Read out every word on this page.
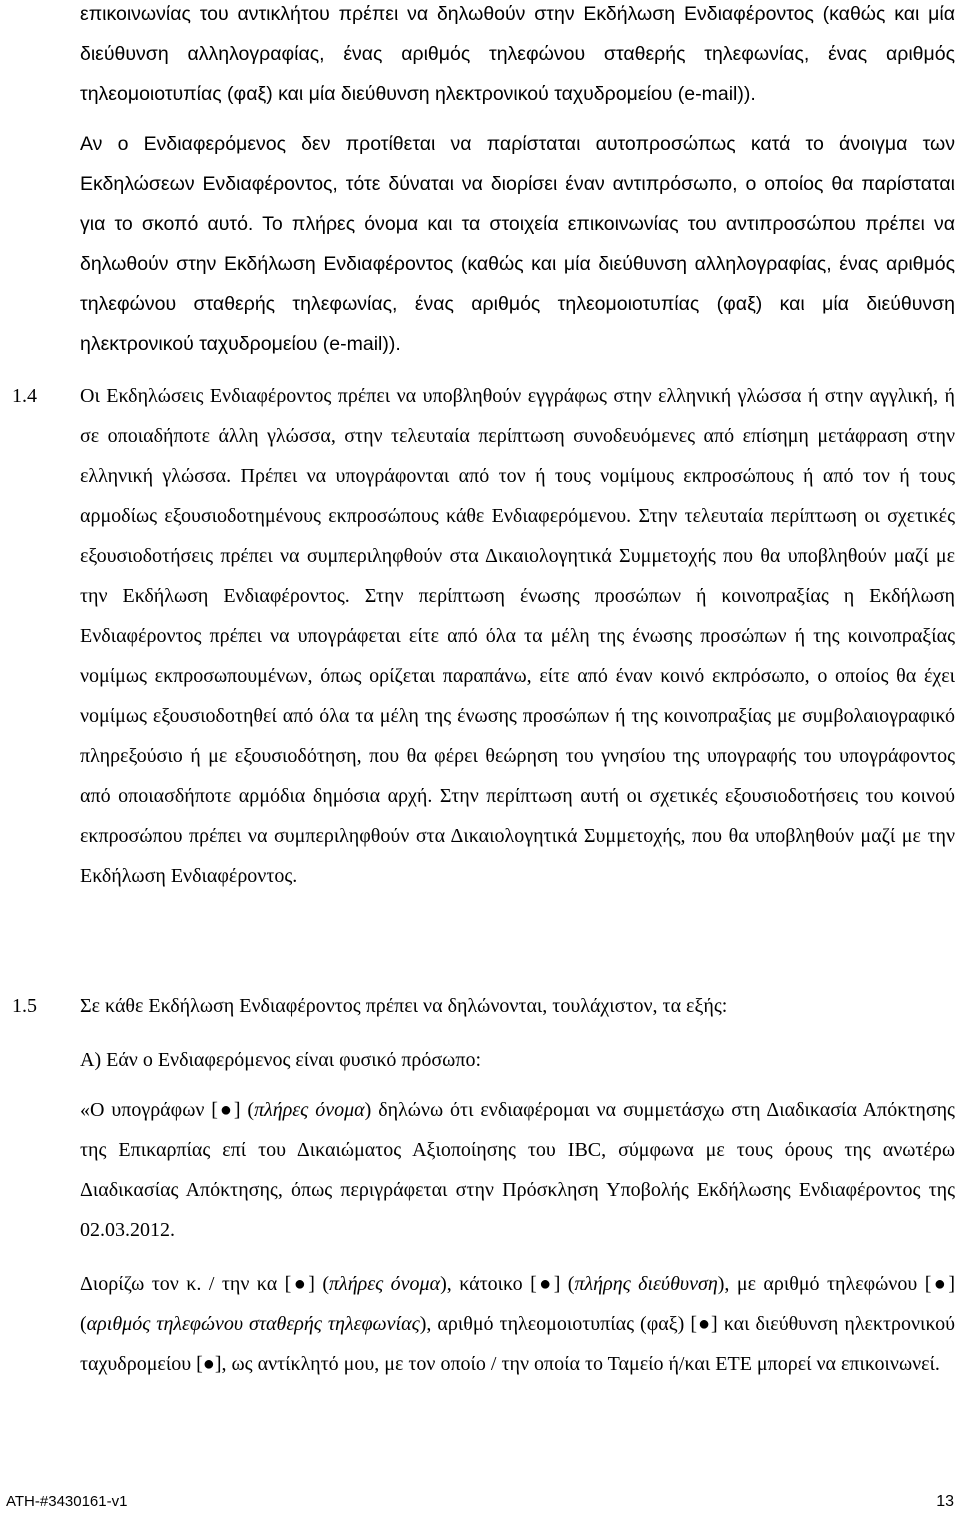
επικοινωνίας του αντικλήτου πρέπει να δηλωθούν στην Εκδήλωση Ενδιαφέροντος (καθώς και μία διεύθυνση αλληλογραφίας, ένας αριθμός τηλεφώνου σταθερής τηλεφωνίας, ένας αριθμός τηλεομοιοτυπίας (φαξ) και μία διεύθυνση ηλεκτρονικού ταχυδρομείου (e-mail)).

Αν ο Ενδιαφερόμενος δεν προτίθεται να παρίσταται αυτοπροσώπως κατά το άνοιγμα των Εκδηλώσεων Ενδιαφέροντος, τότε δύναται να διορίσει έναν αντιπρόσωπο, ο οποίος θα παρίσταται για το σκοπό αυτό. Το πλήρες όνομα και τα στοιχεία επικοινωνίας του αντιπροσώπου πρέπει να δηλωθούν στην Εκδήλωση Ενδιαφέροντος (καθώς και μία διεύθυνση αλληλογραφίας, ένας αριθμός τηλεφώνου σταθερής τηλεφωνίας, ένας αριθμός τηλεομοιοτυπίας (φαξ) και μία διεύθυνση ηλεκτρονικού ταχυδρομείου (e-mail)).

1.4 Οι Εκδηλώσεις Ενδιαφέροντος πρέπει να υποβληθούν εγγράφως στην ελληνική γλώσσα ή στην αγγλική, ή σε οποιαδήποτε άλλη γλώσσα, στην τελευταία περίπτωση συνοδευόμενες από επίσημη μετάφραση στην ελληνική γλώσσα. Πρέπει να υπογράφονται από τον ή τους νομίμους εκπροσώπους ή από τον ή τους αρμοδίως εξουσιοδοτημένους εκπροσώπους κάθε Ενδιαφερόμενου. Στην τελευταία περίπτωση οι σχετικές εξουσιοδοτήσεις πρέπει να συμπεριληφθούν στα Δικαιολογητικά Συμμετοχής που θα υποβληθούν μαζί με την Εκδήλωση Ενδιαφέροντος. Στην περίπτωση ένωσης προσώπων ή κοινοπραξίας η Εκδήλωση Ενδιαφέροντος πρέπει να υπογράφεται είτε από όλα τα μέλη της ένωσης προσώπων ή της κοινοπραξίας νομίμως εκπροσωπουμένων, όπως ορίζεται παραπάνω, είτε από έναν κοινό εκπρόσωπο, ο οποίος θα έχει νομίμως εξουσιοδοτηθεί από όλα τα μέλη της ένωσης προσώπων ή της κοινοπραξίας με συμβολαιογραφικό πληρεξούσιο ή με εξουσιοδότηση, που θα φέρει θεώρηση του γνησίου της υπογραφής του υπογράφοντος από οποιασδήποτε αρμόδια δημόσια αρχή. Στην περίπτωση αυτή οι σχετικές εξουσιοδοτήσεις του κοινού εκπροσώπου πρέπει να συμπεριληφθούν στα Δικαιολογητικά Συμμετοχής, που θα υποβληθούν μαζί με την Εκδήλωση Ενδιαφέροντος.

1.5 Σε κάθε Εκδήλωση Ενδιαφέροντος πρέπει να δηλώνονται, τουλάχιστον, τα εξής:

Α) Εάν ο Ενδιαφερόμενος είναι φυσικό πρόσωπο:

«Ο υπογράφων [●] (πλήρες όνομα) δηλώνω ότι ενδιαφέρομαι να συμμετάσχω στη Διαδικασία Απόκτησης της Επικαρπίας επί του Δικαιώματος Αξιοποίησης του IBC, σύμφωνα με τους όρους της ανωτέρω Διαδικασίας Απόκτησης, όπως περιγράφεται στην Πρόσκληση Υποβολής Εκδήλωσης Ενδιαφέροντος της 02.03.2012.

Διορίζω τον κ. / την κα [●] (πλήρες όνομα), κάτοικο [●] (πλήρης διεύθυνση), με αριθμό τηλεφώνου [●] (αριθμός τηλεφώνου σταθερής τηλεφωνίας), αριθμό τηλεομοιοτυπίας (φαξ) [●] και διεύθυνση ηλεκτρονικού ταχυδρομείου [●], ως αντίκλητό μου, με τον οποίο / την οποία το Ταμείο ή/και ΕΤΕ μπορεί να επικοινωνεί.

ATH-#3430161-v1	13
